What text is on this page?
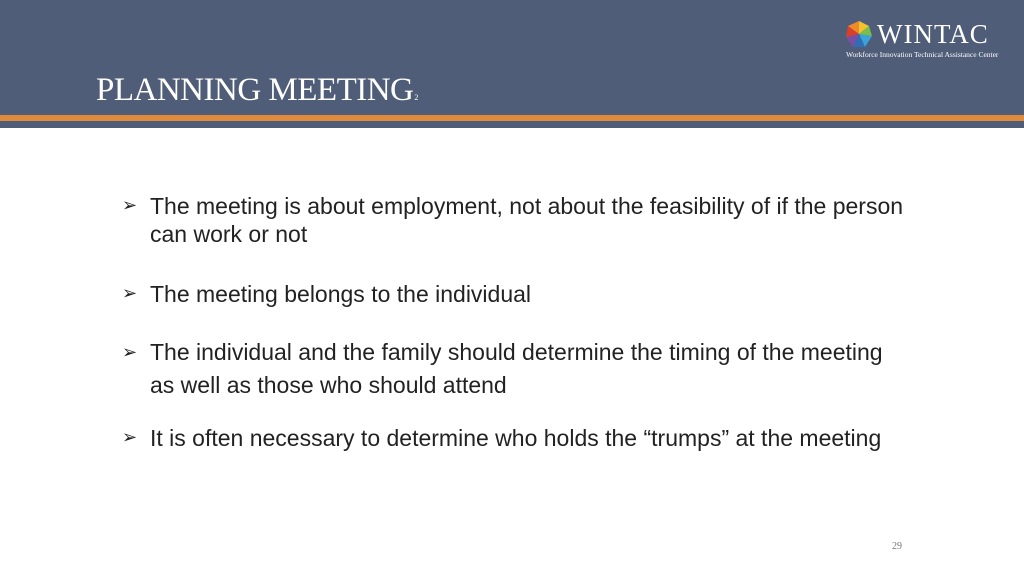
WINTAC
Workforce Innovation Technical Assistance Center
PLANNING MEETING2
➢ The meeting is about employment, not about the feasibility of if the person can work or not
➢ The meeting belongs to the individual
➢ The individual and the family should determine the timing of the meeting as well as those who should attend
➢ It is often necessary to determine who holds the “trumps” at the meeting
29
